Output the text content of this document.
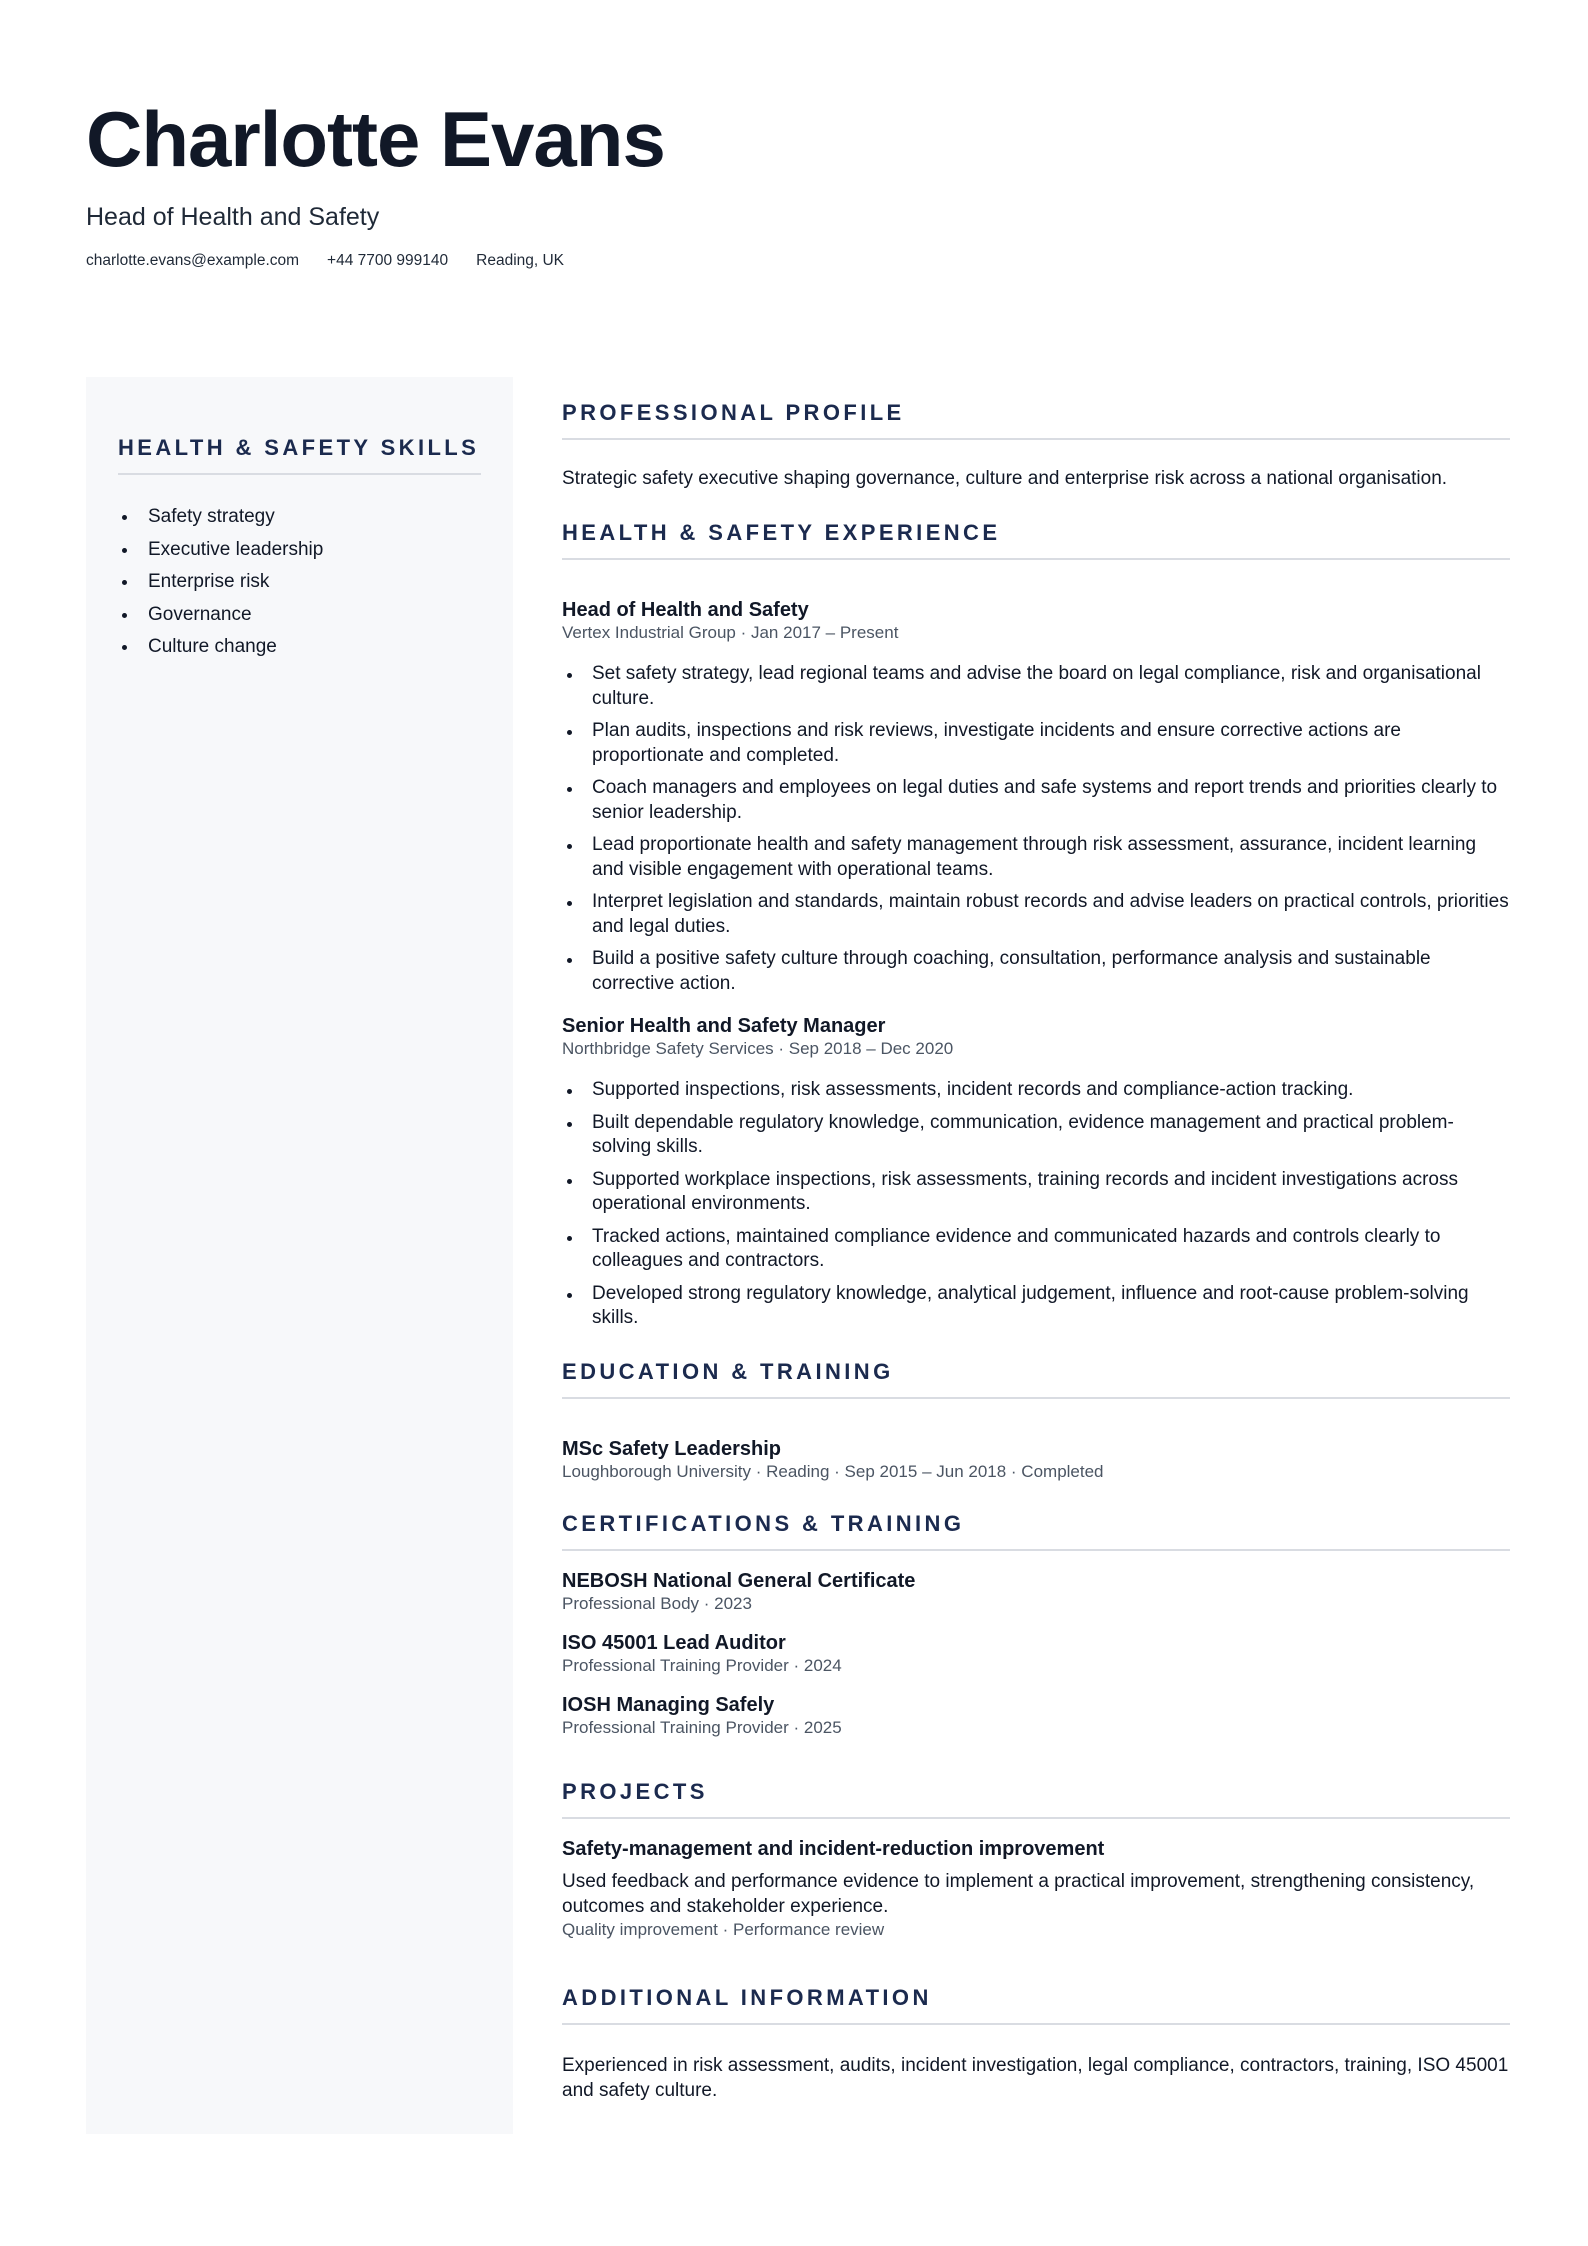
Charlotte Evans
Head of Health and Safety
charlotte.evans@example.com +44 7700 999140 Reading, UK
HEALTH & SAFETY SKILLS
Safety strategy
Executive leadership
Enterprise risk
Governance
Culture change
PROFESSIONAL PROFILE
Strategic safety executive shaping governance, culture and enterprise risk across a national organisation.
HEALTH & SAFETY EXPERIENCE
Head of Health and Safety
Vertex Industrial Group · Jan 2017 – Present
Set safety strategy, lead regional teams and advise the board on legal compliance, risk and organisational culture.
Plan audits, inspections and risk reviews, investigate incidents and ensure corrective actions are proportionate and completed.
Coach managers and employees on legal duties and safe systems and report trends and priorities clearly to senior leadership.
Lead proportionate health and safety management through risk assessment, assurance, incident learning and visible engagement with operational teams.
Interpret legislation and standards, maintain robust records and advise leaders on practical controls, priorities and legal duties.
Build a positive safety culture through coaching, consultation, performance analysis and sustainable corrective action.
Senior Health and Safety Manager
Northbridge Safety Services · Sep 2018 – Dec 2020
Supported inspections, risk assessments, incident records and compliance-action tracking.
Built dependable regulatory knowledge, communication, evidence management and practical problem-solving skills.
Supported workplace inspections, risk assessments, training records and incident investigations across operational environments.
Tracked actions, maintained compliance evidence and communicated hazards and controls clearly to colleagues and contractors.
Developed strong regulatory knowledge, analytical judgement, influence and root-cause problem-solving skills.
EDUCATION & TRAINING
MSc Safety Leadership
Loughborough University · Reading · Sep 2015 – Jun 2018 · Completed
CERTIFICATIONS & TRAINING
NEBOSH National General Certificate
Professional Body · 2023
ISO 45001 Lead Auditor
Professional Training Provider · 2024
IOSH Managing Safely
Professional Training Provider · 2025
PROJECTS
Safety-management and incident-reduction improvement
Used feedback and performance evidence to implement a practical improvement, strengthening consistency, outcomes and stakeholder experience.
Quality improvement · Performance review
ADDITIONAL INFORMATION
Experienced in risk assessment, audits, incident investigation, legal compliance, contractors, training, ISO 45001 and safety culture.
